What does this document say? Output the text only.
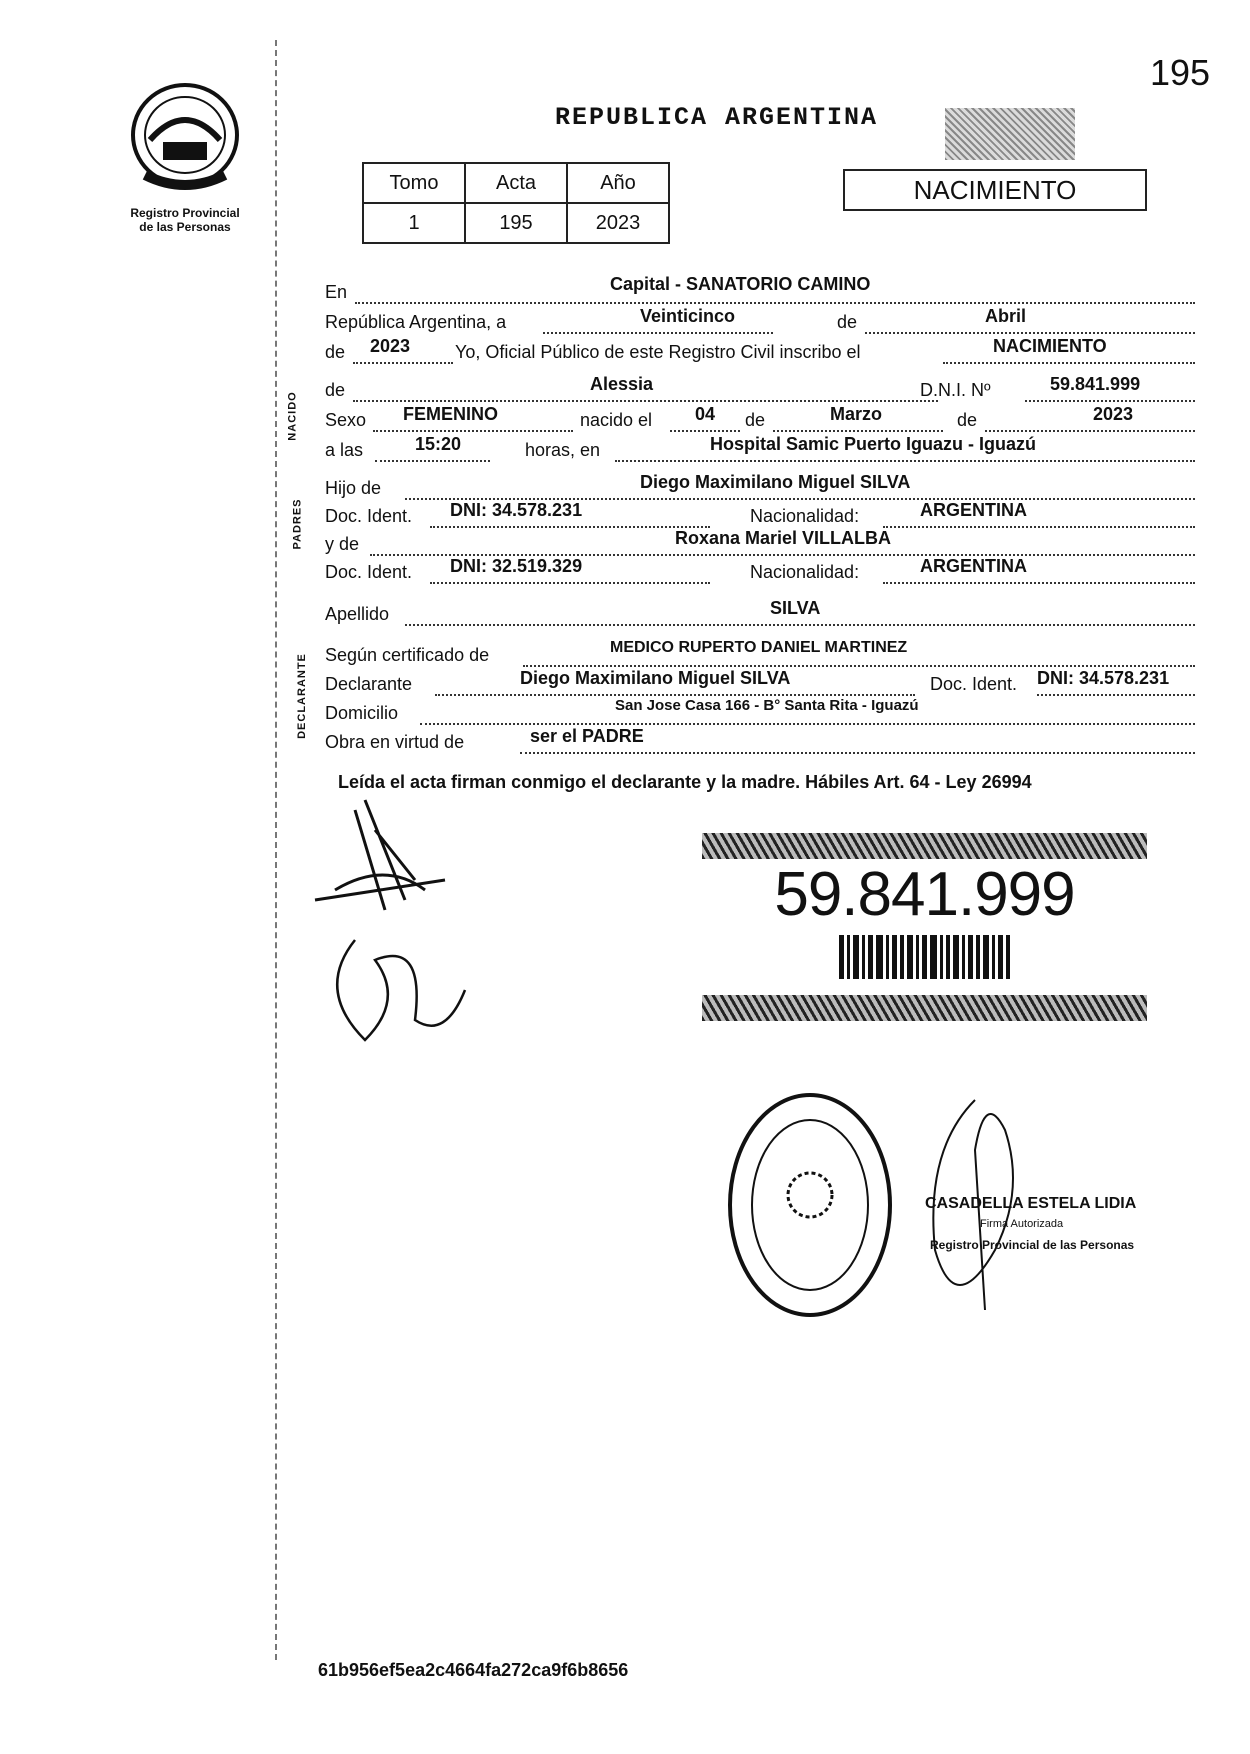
195
Registro Provincial
de las Personas
REPUBLICA ARGENTINA
Tomo	Acta	Año
1	195	2023
NACIMIENTO
NACIDO
PADRES
DECLARANTE
En	Capital - SANATORIO CAMINO
República Argentina, a	Veinticinco	de	Abril
de 2023 Yo, Oficial Público de este Registro Civil inscribo el	NACIMIENTO
de	Alessia	D.N.I. Nº	59.841.999
Sexo FEMENINO	nacido el 04 de	Marzo	de	2023
a las	15:20	horas, en	Hospital Samic Puerto Iguazu - Iguazú
Hijo de	Diego Maximilano Miguel SILVA
Doc. Ident. DNI: 34.578.231	Nacionalidad:	ARGENTINA
y de	Roxana Mariel VILLALBA
Doc. Ident. DNI: 32.519.329	Nacionalidad:	ARGENTINA
Apellido	SILVA
Según certificado de	MEDICO RUPERTO DANIEL MARTINEZ
Declarante	Diego Maximilano Miguel SILVA	Doc. Ident. DNI: 34.578.231
Domicilio	San Jose Casa 166 - B° Santa Rita - Iguazú
Obra en virtud de	ser el PADRE
Leída el acta firman conmigo el declarante y la madre. Hábiles Art. 64 - Ley 26994
59.841.999
CASADELLA ESTELA LIDIA
Firma Autorizada
Registro Provincial de las Personas
61b956ef5ea2c4664fa272ca9f6b8656
